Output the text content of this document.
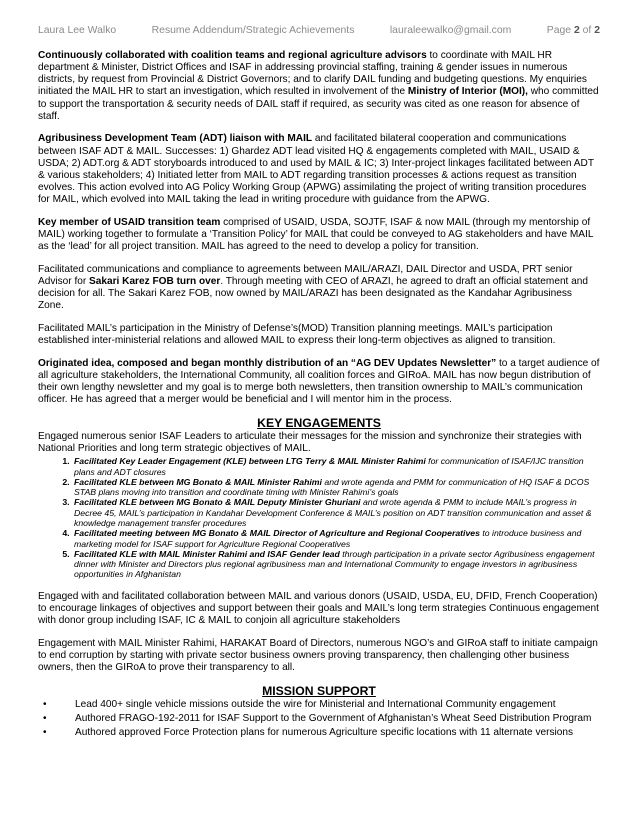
Laura Lee Walko	Resume Addendum/Strategic Achievements	lauraleewalko@gmail.com	Page 2 of 2

Continuously collaborated with coalition teams and regional agriculture advisors to coordinate with MAIL HR department & Minister, District Offices and ISAF in addressing provincial staffing, training & gender issues in numerous districts, by request from Provincial & District Governors; and to clarify DAIL funding and budgeting questions. My enquiries initiated the MAIL HR to start an investigation, which resulted in involvement of the Ministry of Interior (MOI), who committed to support the transportation & security needs of DAIL staff if required, as security was cited as one reason for absence of staff.

Agribusiness Development Team (ADT) liaison with MAIL and facilitated bilateral cooperation and communications between ISAF ADT & MAIL. Successes: 1) Ghardez ADT lead visited HQ & engagements completed with MAIL, USAID & USDA; 2) ADT.org & ADT storyboards introduced to and used by MAIL & IC; 3) Inter-project linkages facilitated between ADT & various stakeholders; 4) Initiated letter from MAIL to ADT regarding transition processes & actions request as transition evolves. This action evolved into AG Policy Working Group (APWG) assimilating the project of writing transition procedures for MAIL, which evolved into MAIL taking the lead in writing procedure with guidance from the APWG.

Key member of USAID transition team comprised of USAID, USDA, SOJTF, ISAF & now MAIL (through my mentorship of MAIL) working together to formulate a ‘Transition Policy’ for MAIL that could be conveyed to AG stakeholders and have MAIL as the ‘lead’ for all project transition. MAIL has agreed to the need to develop a policy for transition.

Facilitated communications and compliance to agreements between MAIL/ARAZI, DAIL Director and USDA, PRT senior Advisor for Sakari Karez FOB turn over. Through meeting with CEO of ARAZI, he agreed to draft an official statement and decision for all. The Sakari Karez FOB, now owned by MAIL/ARAZI has been designated as the Kandahar Agribusiness Zone.

Facilitated MAIL’s participation in the Ministry of Defense’s(MOD) Transition planning meetings. MAIL’s participation established inter-ministerial relations and allowed MAIL to express their long-term objectives as aligned to transition.

Originated idea, composed and began monthly distribution of an “AG DEV Updates Newsletter” to a target audience of all agriculture stakeholders, the International Community, all coalition forces and GIRoA. MAIL has now begun distribution of their own lengthy newsletter and my goal is to merge both newsletters, then transition ownership to MAIL’s communication officer. He has agreed that a merger would be beneficial and I will mentor him in the process.

KEY ENGAGEMENTS

Engaged numerous senior ISAF Leaders to articulate their messages for the mission and synchronize their strategies with National Priorities and long term strategic objectives of MAIL.

1. Facilitated Key Leader Engagement (KLE) between LTG Terry & MAIL Minister Rahimi for communication of ISAF/IJC transition plans and ADT closures
2. Facilitated KLE between MG Bonato & MAIL Minister Rahimi and wrote agenda and PMM for communication of HQ ISAF & DCOS STAB plans moving into transition and coordinate timing with Minister Rahimi’s goals
3. Facilitated KLE between MG Bonato & MAIL Deputy Minister Ghuriani and wrote agenda & PMM to include MAIL’s progress in Decree 45, MAIL’s participation in Kandahar Development Conference & MAIL’s position on ADT transition communication and asset & knowledge management transfer procedures
4. Facilitated meeting between MG Bonato & MAIL Director of Agriculture and Regional Cooperatives to introduce business and marketing model for ISAF support for Agriculture Regional Cooperatives
5. Facilitated KLE with MAIL Minister Rahimi and ISAF Gender lead through participation in a private sector Agribusiness engagement dinner with Minister and Directors plus regional agribusiness man and International Community to engage investors in agribusiness opportunities in Afghanistan

Engaged with and facilitated collaboration between MAIL and various donors (USAID, USDA, EU, DFID, French Cooperation) to encourage linkages of objectives and support between their goals and MAIL’s long term strategies Continuous engagement with donor group including ISAF, IC & MAIL to conjoin all agriculture stakeholders

Engagement with MAIL Minister Rahimi, HARAKAT Board of Directors, numerous NGO’s and GIRoA staff to initiate campaign to end corruption by starting with private sector business owners proving transparency, then challenging other business owners, then the GIRoA to prove their transparency to all.

MISSION SUPPORT
•	Lead 400+ single vehicle missions outside the wire for Ministerial and International Community engagement
•	Authored FRAGO-192-2011 for ISAF Support to the Government of Afghanistan’s Wheat Seed Distribution Program
•	Authored approved Force Protection plans for numerous Agriculture specific locations with 11 alternate versions
